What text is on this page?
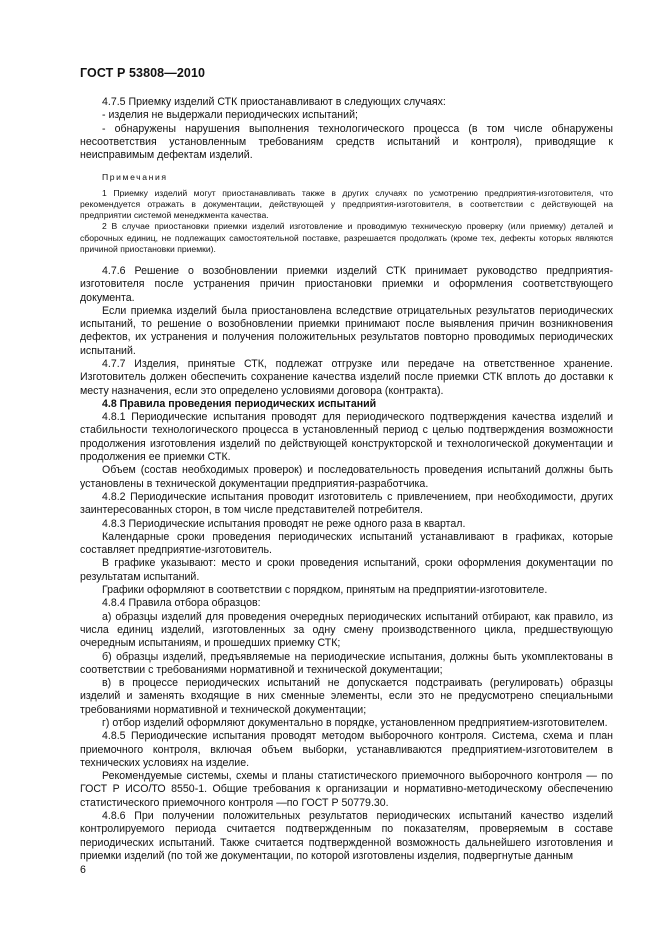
ГОСТ Р 53808—2010

4.7.5 Приемку изделий СТК приостанавливают в следующих случаях:

- изделия не выдержали периодических испытаний;

- обнаружены нарушения выполнения технологического процесса (в том числе обнаружены несоответствия установленным требованиям средств испытаний и контроля), приводящие к неисправимым дефектам изделий.

Примечания

1 Приемку изделий могут приостанавливать также в других случаях по усмотрению предприятия-изготовителя, что рекомендуется отражать в документации, действующей у предприятия-изготовителя, в соответствии с действующей на предприятии системой менеджмента качества.

2 В случае приостановки приемки изделий изготовление и проводимую техническую проверку (или приемку) деталей и сборочных единиц, не подлежащих самостоятельной поставке, разрешается продолжать (кроме тех, дефекты которых являются причиной приостановки приемки).

4.7.6 Решение о возобновлении приемки изделий СТК принимает руководство предприятия-изготовителя после устранения причин приостановки приемки и оформления соответствующего документа.

Если приемка изделий была приостановлена вследствие отрицательных результатов периодических испытаний, то решение о возобновлении приемки принимают после выявления причин возникновения дефектов, их устранения и получения положительных результатов повторно проводимых периодических испытаний.

4.7.7 Изделия, принятые СТК, подлежат отгрузке или передаче на ответственное хранение. Изготовитель должен обеспечить сохранение качества изделий после приемки СТК вплоть до доставки к месту назначения, если это определено условиями договора (контракта).

4.8 Правила проведения периодических испытаний

4.8.1 Периодические испытания проводят для периодического подтверждения качества изделий и стабильности технологического процесса в установленный период с целью подтверждения возможности продолжения изготовления изделий по действующей конструкторской и технологической документации и продолжения ее приемки СТК.

Объем (состав необходимых проверок) и последовательность проведения испытаний должны быть установлены в технической документации предприятия-разработчика.

4.8.2 Периодические испытания проводит изготовитель с привлечением, при необходимости, других заинтересованных сторон, в том числе представителей потребителя.

4.8.3 Периодические испытания проводят не реже одного раза в квартал.

Календарные сроки проведения периодических испытаний устанавливают в графиках, которые составляет предприятие-изготовитель.

В графике указывают: место и сроки проведения испытаний, сроки оформления документации по результатам испытаний.

Графики оформляют в соответствии с порядком, принятым на предприятии-изготовителе.

4.8.4 Правила отбора образцов:

а) образцы изделий для проведения очередных периодических испытаний отбирают, как правило, из числа единиц изделий, изготовленных за одну смену производственного цикла, предшествующую очередным испытаниям, и прошедших приемку СТК;

б) образцы изделий, предъявляемые на периодические испытания, должны быть укомплектованы в соответствии с требованиями нормативной и технической документации;

в) в процессе периодических испытаний не допускается подстраивать (регулировать) образцы изделий и заменять входящие в них сменные элементы, если это не предусмотрено специальными требованиями нормативной и технической документации;

г) отбор изделий оформляют документально в порядке, установленном предприятием-изготовителем.

4.8.5 Периодические испытания проводят методом выборочного контроля. Система, схема и план приемочного контроля, включая объем выборки, устанавливаются предприятием-изготовителем в технических условиях на изделие.

Рекомендуемые системы, схемы и планы статистического приемочного выборочного контроля — по ГОСТ Р ИСО/ТО 8550-1. Общие требования к организации и нормативно-методическому обеспечению статистического приемочного контроля —по ГОСТ Р 50779.30.

4.8.6 При получении положительных результатов периодических испытаний качество изделий контролируемого периода считается подтвержденным по показателям, проверяемым в составе периодических испытаний. Также считается подтвержденной возможность дальнейшего изготовления и приемки изделий (по той же документации, по которой изготовлены изделия, подвергнутые данным

6
